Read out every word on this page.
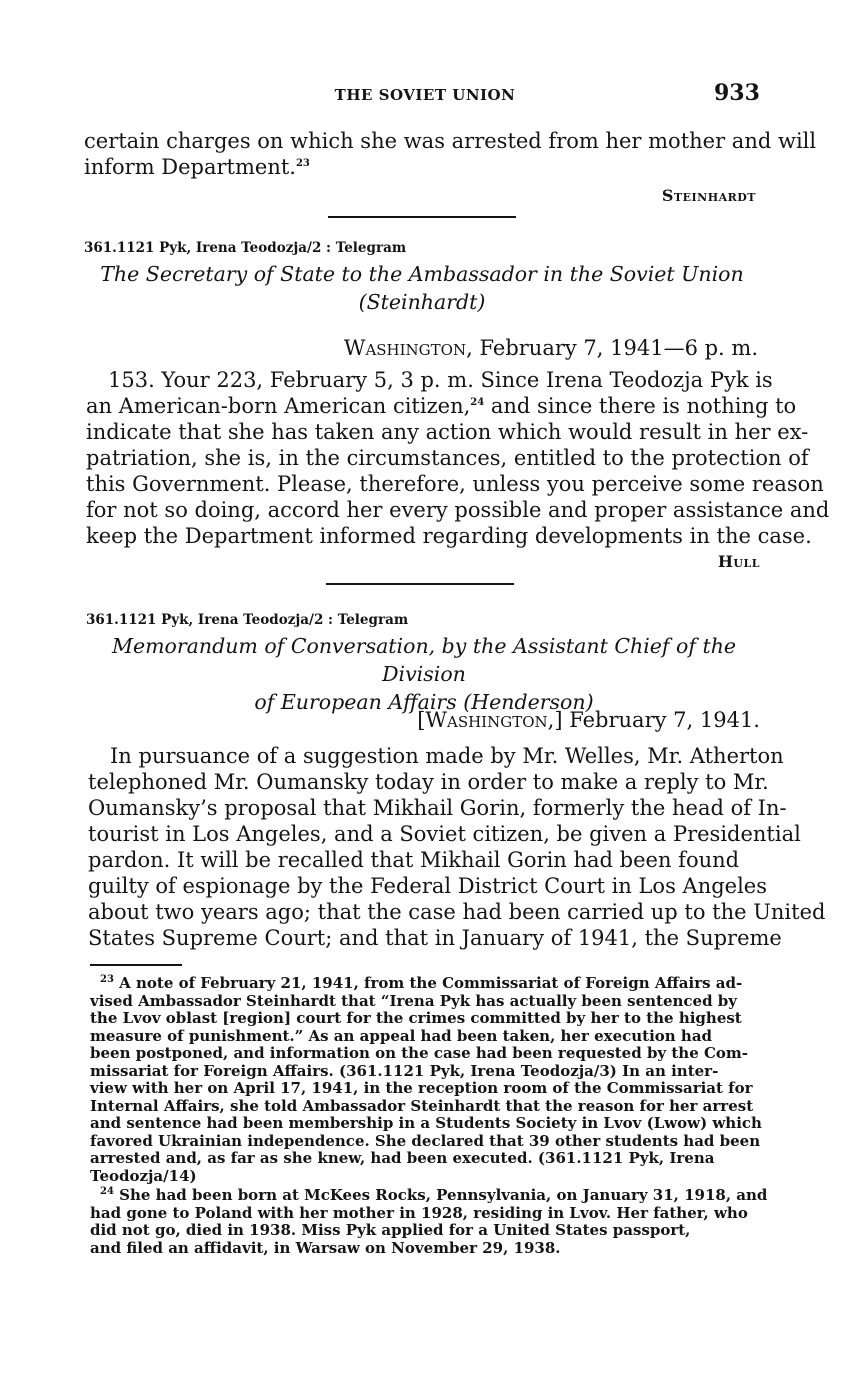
THE SOVIET UNION	933
certain charges on which she was arrested from her mother and will
inform Department.$^{23}$
Steinhardt
361.1121 Pyk, Irena Teodozja/2 : Telegram
The Secretary of State to the Ambassador in the Soviet Union
(Steinhardt)
Washington, February 7, 1941—6 p. m.
153. Your 223, February 5, 3 p. m. Since Irena Teodozja Pyk is
an American-born American citizen,$^{24}$ and since there is nothing to
indicate that she has taken any action which would result in her ex-
patriation, she is, in the circumstances, entitled to the protection of
this Government. Please, therefore, unless you perceive some reason
for not so doing, accord her every possible and proper assistance and
keep the Department informed regarding developments in the case.
Hull
361.1121 Pyk, Irena Teodozja/2 : Telegram
Memorandum of Conversation, by the Assistant Chief of the Division
of European Affairs (Henderson)
[Washington,] February 7, 1941.
In pursuance of a suggestion made by Mr. Welles, Mr. Atherton
telephoned Mr. Oumansky today in order to make a reply to Mr.
Oumansky’s proposal that Mikhail Gorin, formerly the head of In-
tourist in Los Angeles, and a Soviet citizen, be given a Presidential
pardon. It will be recalled that Mikhail Gorin had been found
guilty of espionage by the Federal District Court in Los Angeles
about two years ago; that the case had been carried up to the United
States Supreme Court; and that in January of 1941, the Supreme
$^{23}$ A note of February 21, 1941, from the Commissariat of Foreign Affairs ad-
vised Ambassador Steinhardt that “Irena Pyk has actually been sentenced by
the Lvov oblast [region] court for the crimes committed by her to the highest
measure of punishment.” As an appeal had been taken, her execution had
been postponed, and information on the case had been requested by the Com-
missariat for Foreign Affairs. (361.1121 Pyk, Irena Teodozja/3) In an inter-
view with her on April 17, 1941, in the reception room of the Commissariat for
Internal Affairs, she told Ambassador Steinhardt that the reason for her arrest
and sentence had been membership in a Students Society in Lvov (Lwow) which
favored Ukrainian independence. She declared that 39 other students had been
arrested and, as far as she knew, had been executed. (361.1121 Pyk, Irena
Teodozja/14)
$^{24}$ She had been born at McKees Rocks, Pennsylvania, on January 31, 1918, and
had gone to Poland with her mother in 1928, residing in Lvov. Her father, who
did not go, died in 1938. Miss Pyk applied for a United States passport,
and filed an affidavit, in Warsaw on November 29, 1938.
